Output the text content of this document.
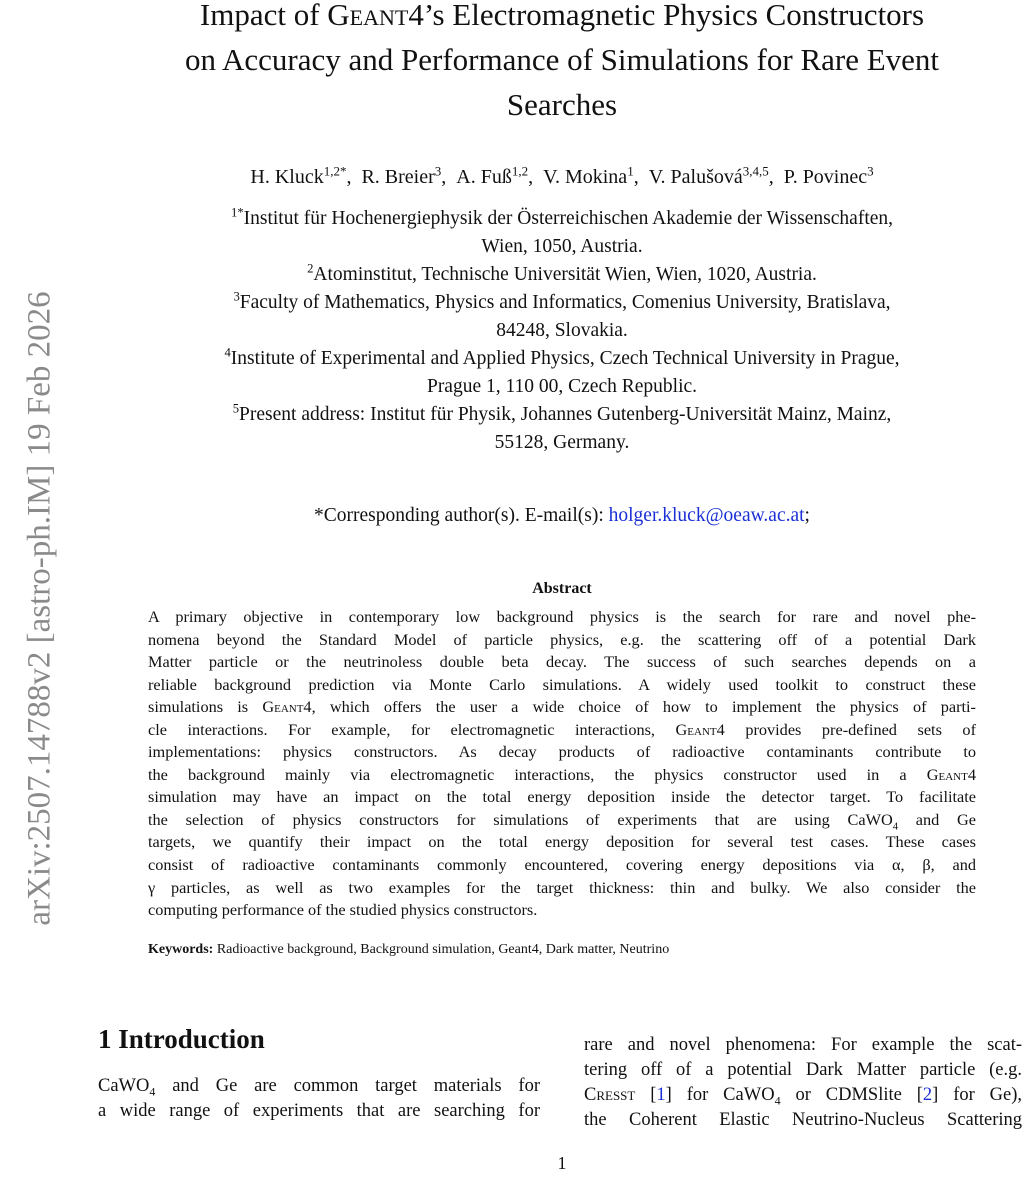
arXiv:2507.14788v2 [astro-ph.IM] 19 Feb 2026
Impact of Geant4’s Electromagnetic Physics Constructors
on Accuracy and Performance of Simulations for Rare Event
Searches
H. Kluck$^{1,2*}$,  R. Breier$^3$,  A. Fuß$^{1,2}$,  V. Mokina$^1$,  V. Palušová$^{3,4,5}$,  P. Povinec$^3$
$^{1*}$Institut für Hochenergiephysik der Österreichischen Akademie der Wissenschaften,
Wien, 1050, Austria.
$^2$Atominstitut, Technische Universität Wien, Wien, 1020, Austria.
$^3$Faculty of Mathematics, Physics and Informatics, Comenius University, Bratislava,
84248, Slovakia.
$^4$Institute of Experimental and Applied Physics, Czech Technical University in Prague,
Prague 1, 110 00, Czech Republic.
$^5$Present address: Institut für Physik, Johannes Gutenberg-Universität Mainz, Mainz,
55128, Germany.
*Corresponding author(s). E-mail(s): holger.kluck@oeaw.ac.at;
Abstract
A primary objective in contemporary low background physics is the search for rare and novel phe-
nomena beyond the Standard Model of particle physics, e.g. the scattering off of a potential Dark
Matter particle or the neutrinoless double beta decay. The success of such searches depends on a
reliable background prediction via Monte Carlo simulations. A widely used toolkit to construct these
simulations is Geant4, which offers the user a wide choice of how to implement the physics of parti-
cle interactions. For example, for electromagnetic interactions, Geant4 provides pre-defined sets of
implementations: physics constructors. As decay products of radioactive contaminants contribute to
the background mainly via electromagnetic interactions, the physics constructor used in a Geant4
simulation may have an impact on the total energy deposition inside the detector target. To facilitate
the selection of physics constructors for simulations of experiments that are using CaWO$_4$ and Ge
targets, we quantify their impact on the total energy deposition for several test cases. These cases
consist of radioactive contaminants commonly encountered, covering energy depositions via α, β, and
γ particles, as well as two examples for the target thickness: thin and bulky. We also consider the
computing performance of the studied physics constructors.
Keywords: Radioactive background, Background simulation, Geant4, Dark matter, Neutrino
1 Introduction
CaWO$_4$ and Ge are common target materials for
a wide range of experiments that are searching for
rare and novel phenomena: For example the scat-
tering off of a potential Dark Matter particle (e.g.
Cresst [1] for CaWO$_4$ or CDMSlite [2] for Ge),
the Coherent Elastic Neutrino-Nucleus Scattering
1
